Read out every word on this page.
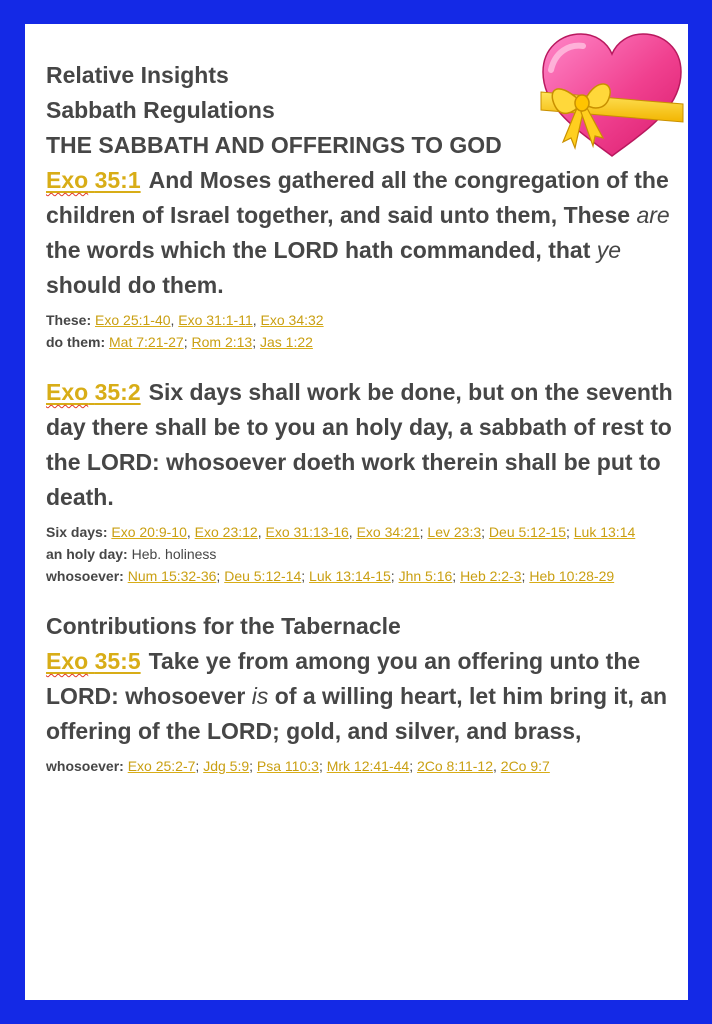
Relative Insights

Sabbath Regulations

THE SABBATH AND OFFERINGS TO GOD

Exo 35:1 And Moses gathered all the congregation of the children of Israel together, and said unto them, These are the words which the LORD hath commanded, that ye should do them.

These: Exo 25:1-40, Exo 31:1-11, Exo 34:32

do them: Mat 7:21-27; Rom 2:13; Jas 1:22

Exo 35:2 Six days shall work be done, but on the seventh day there shall be to you an holy day, a sabbath of rest to the LORD: whosoever doeth work therein shall be put to death.

Six days: Exo 20:9-10, Exo 23:12, Exo 31:13-16, Exo 34:21; Lev 23:3; Deu 5:12-15; Luk 13:14

an holy day: Heb. holiness

whosoever: Num 15:32-36; Deu 5:12-14; Luk 13:14-15; Jhn 5:16; Heb 2:2-3; Heb 10:28-29

Contributions for the Tabernacle

Exo 35:5 Take ye from among you an offering unto the LORD: whosoever is of a willing heart, let him bring it, an offering of the LORD; gold, and silver, and brass,

whosoever: Exo 25:2-7; Jdg 5:9; Psa 110:3; Mrk 12:41-44; 2Co 8:11-12, 2Co 9:7
